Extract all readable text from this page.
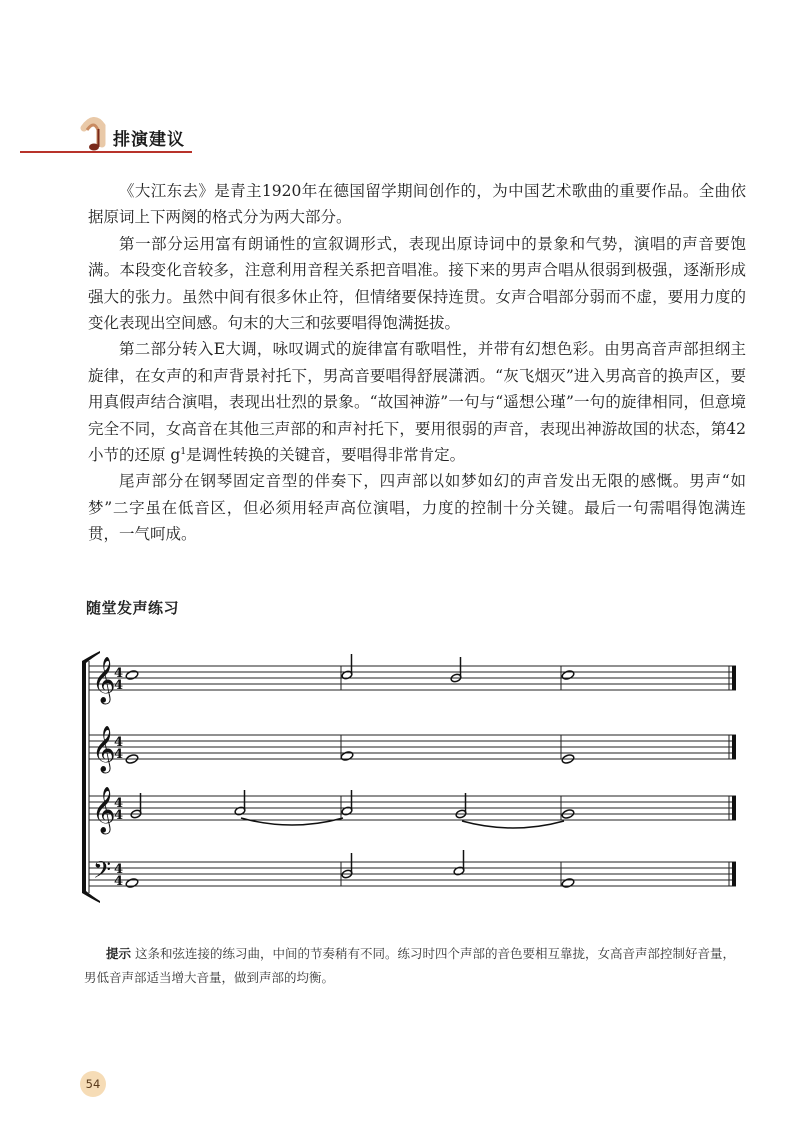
排演建议

《大江东去》是青主1920年在德国留学期间创作的，为中国艺术歌曲的重要作品。全曲依据原词上下两阕的格式分为两大部分。

第一部分运用富有朗诵性的宣叙调形式，表现出原诗词中的景象和气势，演唱的声音要饱满。本段变化音较多，注意利用音程关系把音唱准。接下来的男声合唱从很弱到极强，逐渐形成强大的张力。虽然中间有很多休止符，但情绪要保持连贯。女声合唱部分弱而不虚，要用力度的变化表现出空间感。句末的大三和弦要唱得饱满挺拔。

第二部分转入E大调，咏叹调式的旋律富有歌唱性，并带有幻想色彩。由男高音声部担纲主旋律，在女声的和声背景衬托下，男高音要唱得舒展潇洒。“灰飞烟灭”进入男高音的换声区，要用真假声结合演唱，表现出壮烈的景象。“故国神游”一句与“遥想公瑾”一句的旋律相同，但意境完全不同，女高音在其他三声部的和声衬托下，要用很弱的声音，表现出神游故国的状态，第42小节的还原 $g^1$是调性转换的关键音，要唱得非常肯定。

尾声部分在钢琴固定音型的伴奏下，四声部以如梦如幻的声音发出无限的感慨。男声“如梦”二字虽在低音区，但必须用轻声高位演唱，力度的控制十分关键。最后一句需唱得饱满连贯，一气呵成。

随堂发声练习
𝄞
𝄞
𝄞
𝄢
4
4
4
4
4
4
4
4

提示 这条和弦连接的练习曲，中间的节奏稍有不同。练习时四个声部的音色要相互靠拢，女高音声部控制好音量，男低音声部适当增大音量，做到声部的均衡。

54
